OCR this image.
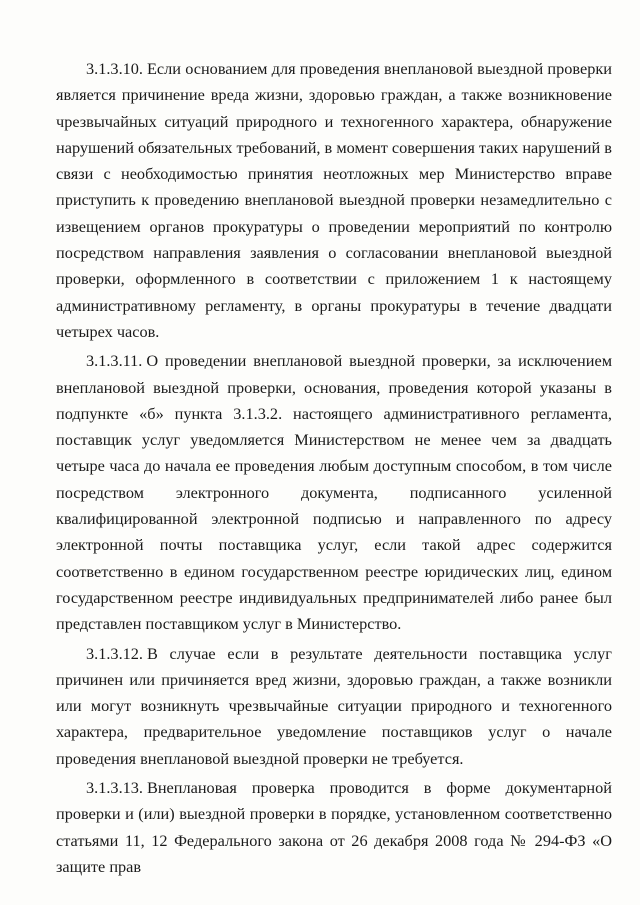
3.1.3.10. Если основанием для проведения внеплановой выездной проверки является причинение вреда жизни, здоровью граждан, а также возникновение чрезвычайных ситуаций природного и техногенного характера, обнаружение нарушений обязательных требований, в момент совершения таких нарушений в связи с необходимостью принятия неотложных мер Министерство вправе приступить к проведению внеплановой выездной проверки незамедлительно с извещением органов прокуратуры о проведении мероприятий по контролю посредством направления заявления о согласовании внеплановой выездной проверки, оформленного в соответствии с приложением 1 к настоящему административному регламенту, в органы прокуратуры в течение двадцати четырех часов.

3.1.3.11. О проведении внеплановой выездной проверки, за исключением внеплановой выездной проверки, основания, проведения которой указаны в подпункте «б» пункта 3.1.3.2. настоящего административного регламента, поставщик услуг уведомляется Министерством не менее чем за двадцать четыре часа до начала ее проведения любым доступным способом, в том числе посредством электронного документа, подписанного усиленной квалифицированной электронной подписью и направленного по адресу электронной почты поставщика услуг, если такой адрес содержится соответственно в едином государственном реестре юридических лиц, едином государственном реестре индивидуальных предпринимателей либо ранее был представлен поставщиком услуг в Министерство.

3.1.3.12. В случае если в результате деятельности поставщика услуг причинен или причиняется вред жизни, здоровью граждан, а также возникли или могут возникнуть чрезвычайные ситуации природного и техногенного характера, предварительное уведомление поставщиков услуг о начале проведения внеплановой выездной проверки не требуется.

3.1.3.13. Внеплановая проверка проводится в форме документарной проверки и (или) выездной проверки в порядке, установленном соответственно статьями 11, 12 Федерального закона от 26 декабря 2008 года № 294-ФЗ «О защите прав
